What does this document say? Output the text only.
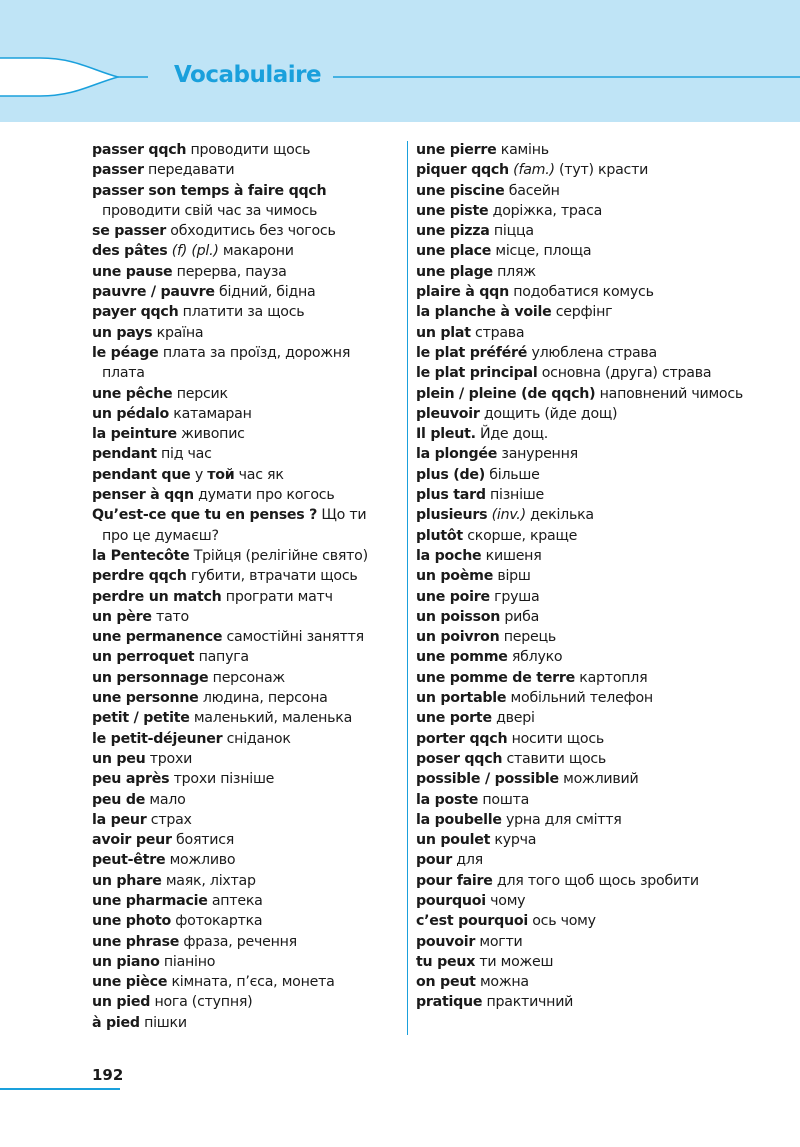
Vocabulaire
passer qqch проводити щось
passer передавати
passer son temps à faire qqch проводити свій час за чимось
se passer обходитись без чогось
des pâtes (f) (pl.) макарони
une pause перерва, пауза
pauvre / pauvre бідний, бідна
payer qqch платити за щось
un pays країна
le péage плата за проїзд, дорожня плата
une pêche персик
un pédalo катамаран
la peinture живопис
pendant під час
pendant que у той час як
penser à qqn думати про когось
Qu’est-ce que tu en penses ? Що ти про це думаєш?
la Pentecôte Трійця (релігійне свято)
perdre qqch губити, втрачати щось
perdre un match програти матч
un père тато
une permanence самостійні заняття
un perroquet папуга
un personnage персонаж
une personne людина, персона
petit / petite маленький, маленька
le petit-déjeuner сніданок
un peu трохи
peu après трохи пізніше
peu de мало
la peur страх
avoir peur боятися
peut-être можливо
un phare маяк, ліхтар
une pharmacie аптека
une photo фотокартка
une phrase фраза, речення
un piano піаніно
une pièce кімната, п’єса, монета
un pied нога (ступня)
à pied пішки
une pierre камінь
piquer qqch (fam.) (тут) красти
une piscine басейн
une piste доріжка, траса
une pizza піцца
une place місце, площа
une plage пляж
plaire à qqn подобатися комусь
la planche à voile серфінг
un plat страва
le plat préféré улюблена страва
le plat principal основна (друга) страва
plein / pleine (de qqch) наповнений чимось
pleuvoir дощить (йде дощ)
Il pleut. Йде дощ.
la plongée занурення
plus (de) більше
plus tard пізніше
plusieurs (inv.) декілька
plutôt скорше, краще
la poche кишеня
un poème вірш
une poire груша
un poisson риба
un poivron перець
une pomme яблуко
une pomme de terre картопля
un portable мобільний телефон
une porte двері
porter qqch носити щось
poser qqch ставити щось
possible / possible можливий
la poste пошта
la poubelle урна для сміття
un poulet курча
pour для
pour faire для того щоб щось зробити
pourquoi чому
c’est pourquoi ось чому
pouvoir могти
tu peux ти можеш
on peut можна
pratique практичний
192
